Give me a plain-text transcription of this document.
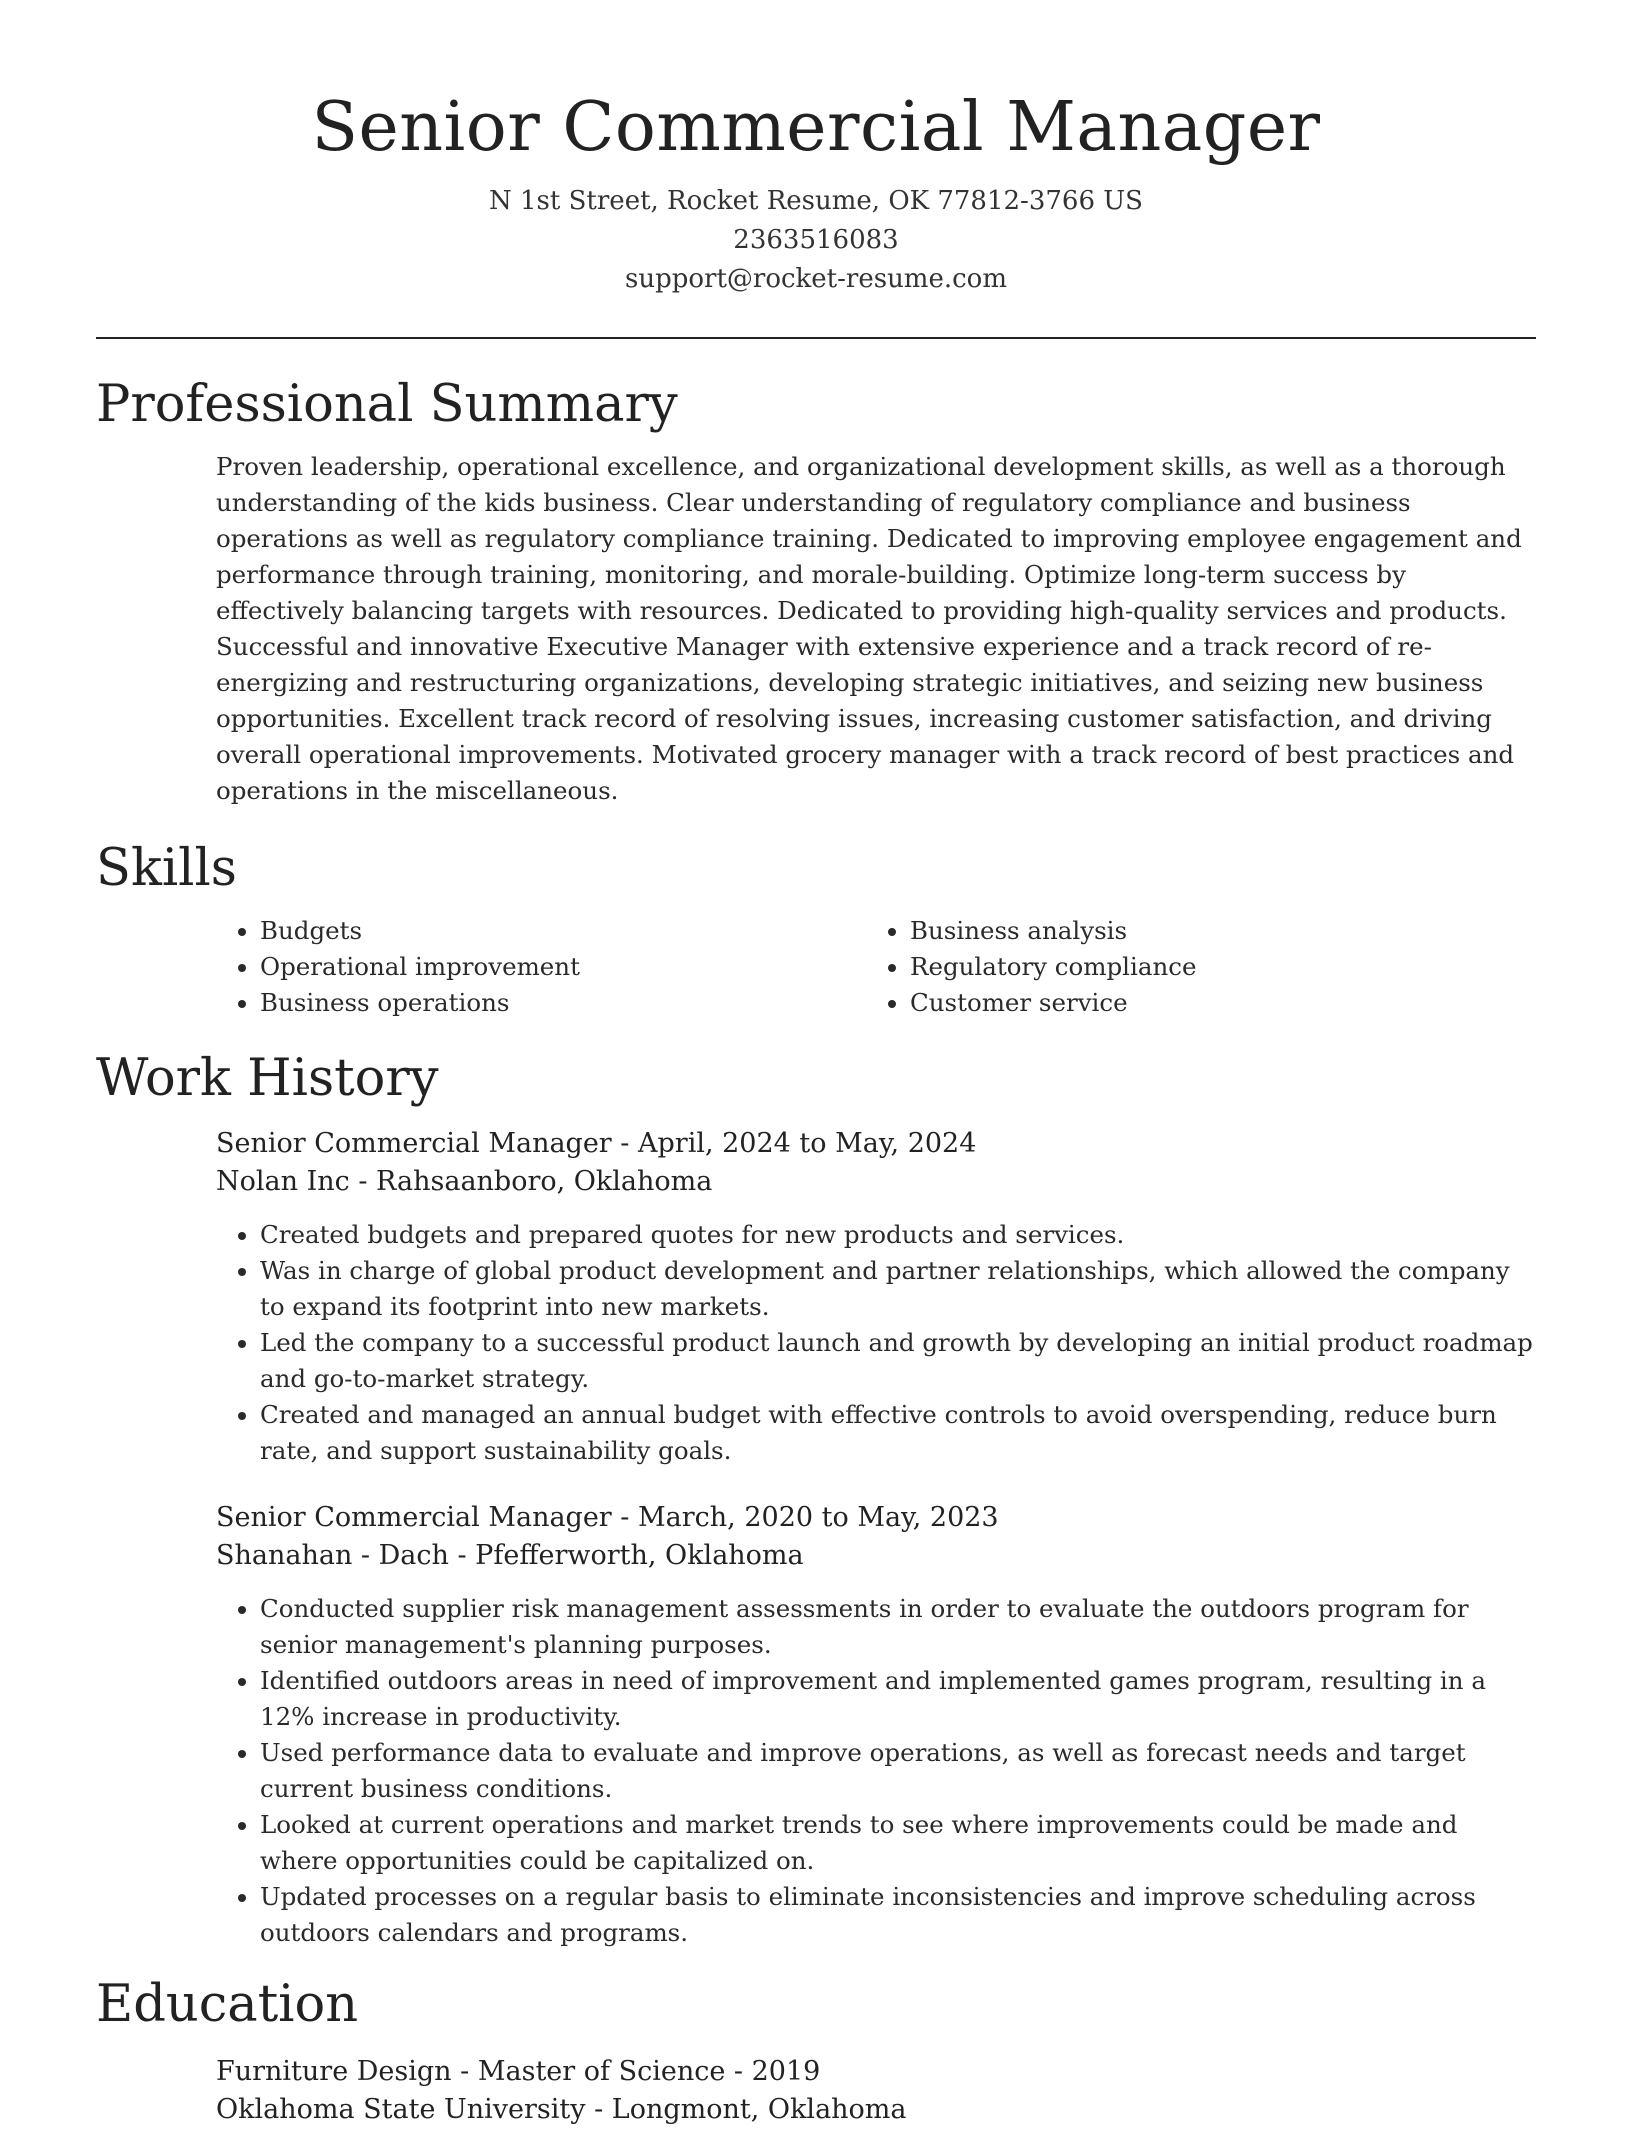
Senior Commercial Manager
N 1st Street, Rocket Resume, OK 77812-3766 US
2363516083
support@rocket-resume.com
Professional Summary

Proven leadership, operational excellence, and organizational development skills, as well as a thorough understanding of the kids business. Clear understanding of regulatory compliance and business operations as well as regulatory compliance training. Dedicated to improving employee engagement and performance through training, monitoring, and morale-building. Optimize long-term success by effectively balancing targets with resources. Dedicated to providing high-quality services and products. Successful and innovative Executive Manager with extensive experience and a track record of re-energizing and restructuring organizations, developing strategic initiatives, and seizing new business opportunities. Excellent track record of resolving issues, increasing customer satisfaction, and driving overall operational improvements. Motivated grocery manager with a track record of best practices and operations in the miscellaneous.

Skills
• Budgets
• Operational improvement
• Business operations
• Business analysis
• Regulatory compliance
• Customer service
Work History
Senior Commercial Manager - April, 2024 to May, 2024
Nolan Inc - Rahsaanboro, Oklahoma
• Created budgets and prepared quotes for new products and services.
• Was in charge of global product development and partner relationships, which allowed the company to expand its footprint into new markets.
• Led the company to a successful product launch and growth by developing an initial product roadmap and go-to-market strategy.
• Created and managed an annual budget with effective controls to avoid overspending, reduce burn rate, and support sustainability goals.
Senior Commercial Manager - March, 2020 to May, 2023
Shanahan - Dach - Pfefferworth, Oklahoma
• Conducted supplier risk management assessments in order to evaluate the outdoors program for senior management's planning purposes.
• Identified outdoors areas in need of improvement and implemented games program, resulting in a 12% increase in productivity.
• Used performance data to evaluate and improve operations, as well as forecast needs and target current business conditions.
• Looked at current operations and market trends to see where improvements could be made and where opportunities could be capitalized on.
• Updated processes on a regular basis to eliminate inconsistencies and improve scheduling across outdoors calendars and programs.
Education
Furniture Design - Master of Science - 2019
Oklahoma State University - Longmont, Oklahoma
